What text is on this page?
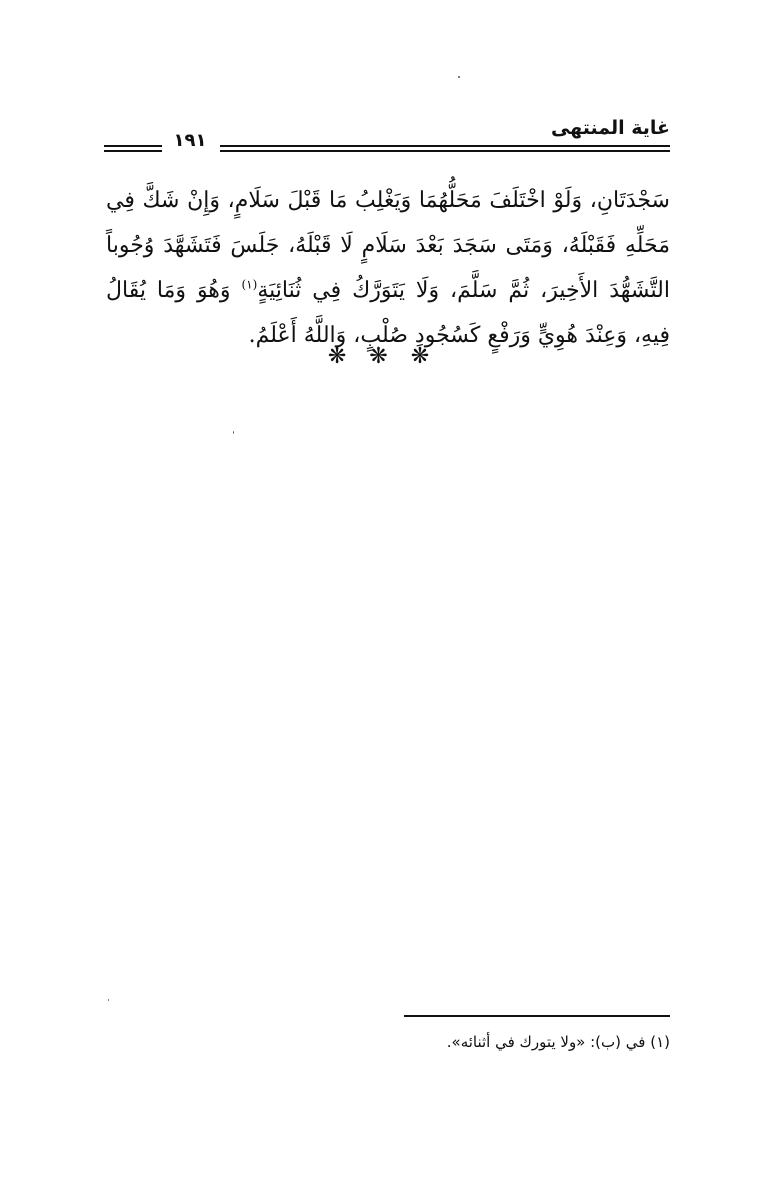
غاية المنتهى
١٩١

سَجْدَتَانِ، وَلَوْ اخْتَلَفَ مَحَلُّهُمَا وَيَغْلِبُ مَا قَبْلَ سَلَامٍ، وَإِنْ شَكَّ فِي مَحَلِّهِ فَقَبْلَهُ، وَمَتَى سَجَدَ بَعْدَ سَلَامٍ لَا قَبْلَهُ، جَلَسَ فَتَشَهَّدَ وُجُوباً التَّشَهُّدَ الأَخِيرَ، ثُمَّ سَلَّمَ، وَلَا يَتَوَرَّكُ فِي ثُنَائِيَةٍ$^{(١)}$ وَهُوَ وَمَا يُقَالُ فِيهِ، وَعِنْدَ هُوِيٍّ وَرَفْعٍ كَسُجُودِ صُلْبٍ، وَاللَّهُ أَعْلَمُ.

❋ ❋ ❋

(١) في (ب): «ولا يتورك في أثنائه».
